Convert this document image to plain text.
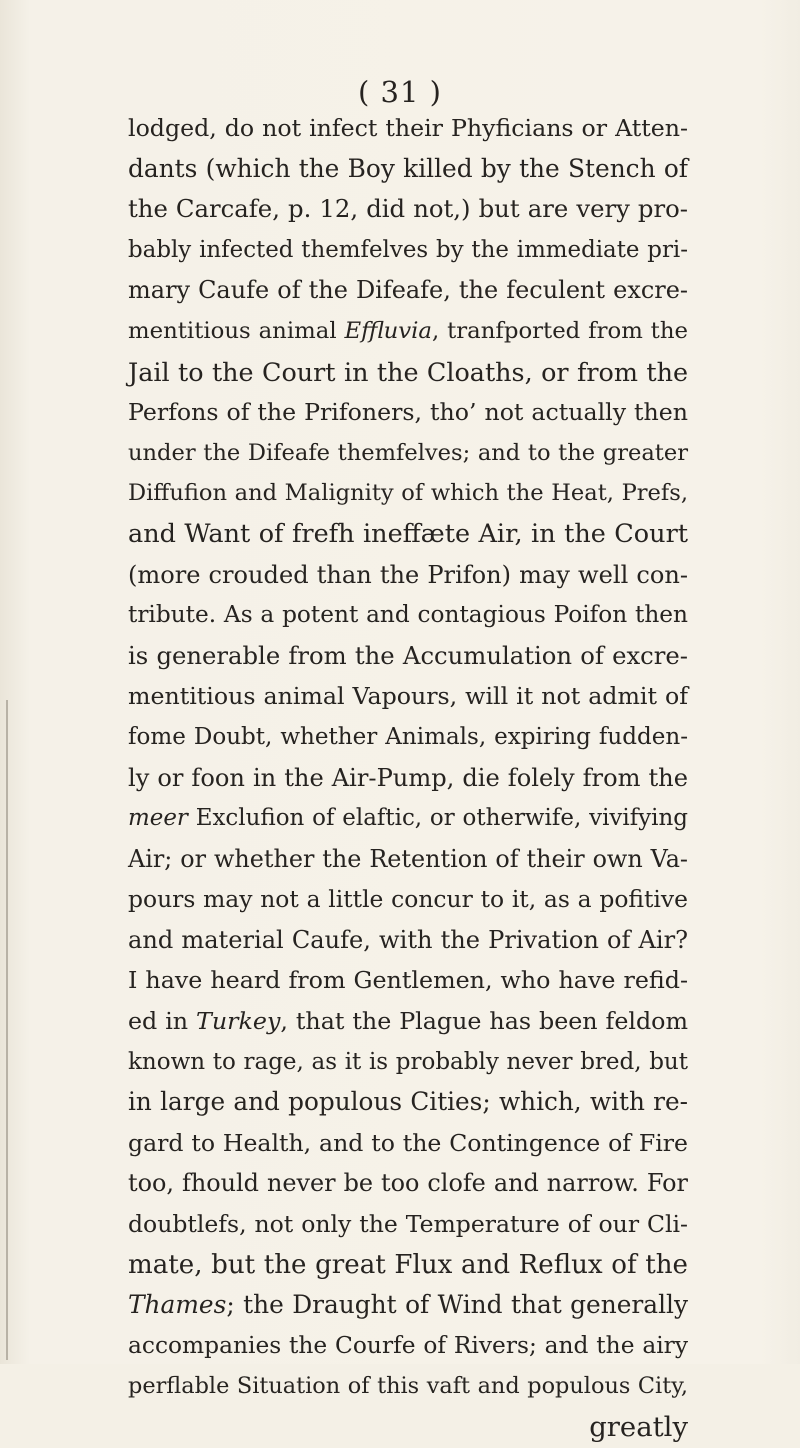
( 31 )
lodged, do not infect their Phyficians or Atten-
dants (which the Boy killed by the Stench of
the Carcafe, p. 12, did not,) but are very pro-
bably infected themfelves by the immediate pri-
mary Caufe of the Difeafe, the feculent excre-
mentitious animal Effluvia, tranfported from the
Jail to the Court in the Cloaths, or from the
Perfons of the Prifoners, tho’ not actually then
under the Difeafe themfelves; and to the greater
Diffufion and Malignity of which the Heat, Prefs,
and Want of frefh ineffæte Air, in the Court
(more crouded than the Prifon) may well con-
tribute. As a potent and contagious Poifon then
is generable from the Accumulation of excre-
mentitious animal Vapours, will it not admit of
fome Doubt, whether Animals, expiring fudden-
ly or foon in the Air-Pump, die folely from the
meer Exclufion of elaftic, or otherwife, vivifying
Air; or whether the Retention of their own Va-
pours may not a little concur to it, as a pofitive
and material Caufe, with the Privation of Air?
I have heard from Gentlemen, who have refid-
ed in Turkey, that the Plague has been feldom
known to rage, as it is probably never bred, but
in large and populous Cities; which, with re-
gard to Health, and to the Contingence of Fire
too, fhould never be too clofe and narrow. For
doubtlefs, not only the Temperature of our Cli-
mate, but the great Flux and Reflux of the
Thames; the Draught of Wind that generally
accompanies the Courfe of Rivers; and the airy
perflable Situation of this vaft and populous City,
greatly
